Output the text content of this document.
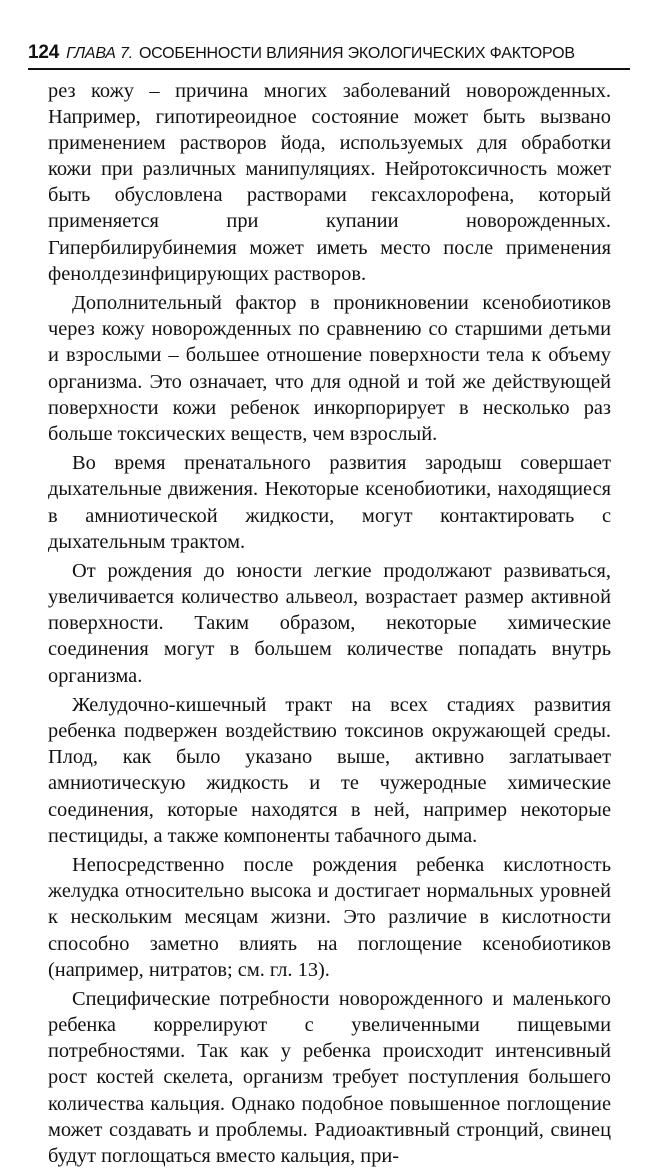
124 ГЛАВА 7. ОСОБЕННОСТИ ВЛИЯНИЯ ЭКОЛОГИЧЕСКИХ ФАКТОРОВ

рез кожу – причина многих заболеваний новорожденных. Например, гипотиреоидное состояние может быть вызвано применением растворов йода, используемых для обработки кожи при различных манипуляциях. Нейротоксичность может быть обусловлена растворами гексахлорофена, который применяется при купании новорожденных. Гипербилирубинемия может иметь место после применения фенолдезинфицирующих растворов.

Дополнительный фактор в проникновении ксенобиотиков через кожу новорожденных по сравнению со старшими детьми и взрослыми – большее отношение поверхности тела к объему организма. Это означает, что для одной и той же действующей поверхности кожи ребенок инкорпорирует в несколько раз больше токсических веществ, чем взрослый.

Во время пренатального развития зародыш совершает дыхательные движения. Некоторые ксенобиотики, находящиеся в амниотической жидкости, могут контактировать с дыхательным трактом.

От рождения до юности легкие продолжают развиваться, увеличивается количество альвеол, возрастает размер активной поверхности. Таким образом, некоторые химические соединения могут в большем количестве попадать внутрь организма.

Желудочно-кишечный тракт на всех стадиях развития ребенка подвержен воздействию токсинов окружающей среды. Плод, как было указано выше, активно заглатывает амниотическую жидкость и те чужеродные химические соединения, которые находятся в ней, например некоторые пестициды, а также компоненты табачного дыма.

Непосредственно после рождения ребенка кислотность желудка относительно высока и достигает нормальных уровней к нескольким месяцам жизни. Это различие в кислотности способно заметно влиять на поглощение ксенобиотиков (например, нитратов; см. гл. 13).

Специфические потребности новорожденного и маленького ребенка коррелируют с увеличенными пищевыми потребностями. Так как у ребенка происходит интенсивный рост костей скелета, организм требует поступления большего количества кальция. Однако подобное повышенное поглощение может создавать и проблемы. Радиоактивный стронций, свинец будут поглощаться вместо кальция, при-
